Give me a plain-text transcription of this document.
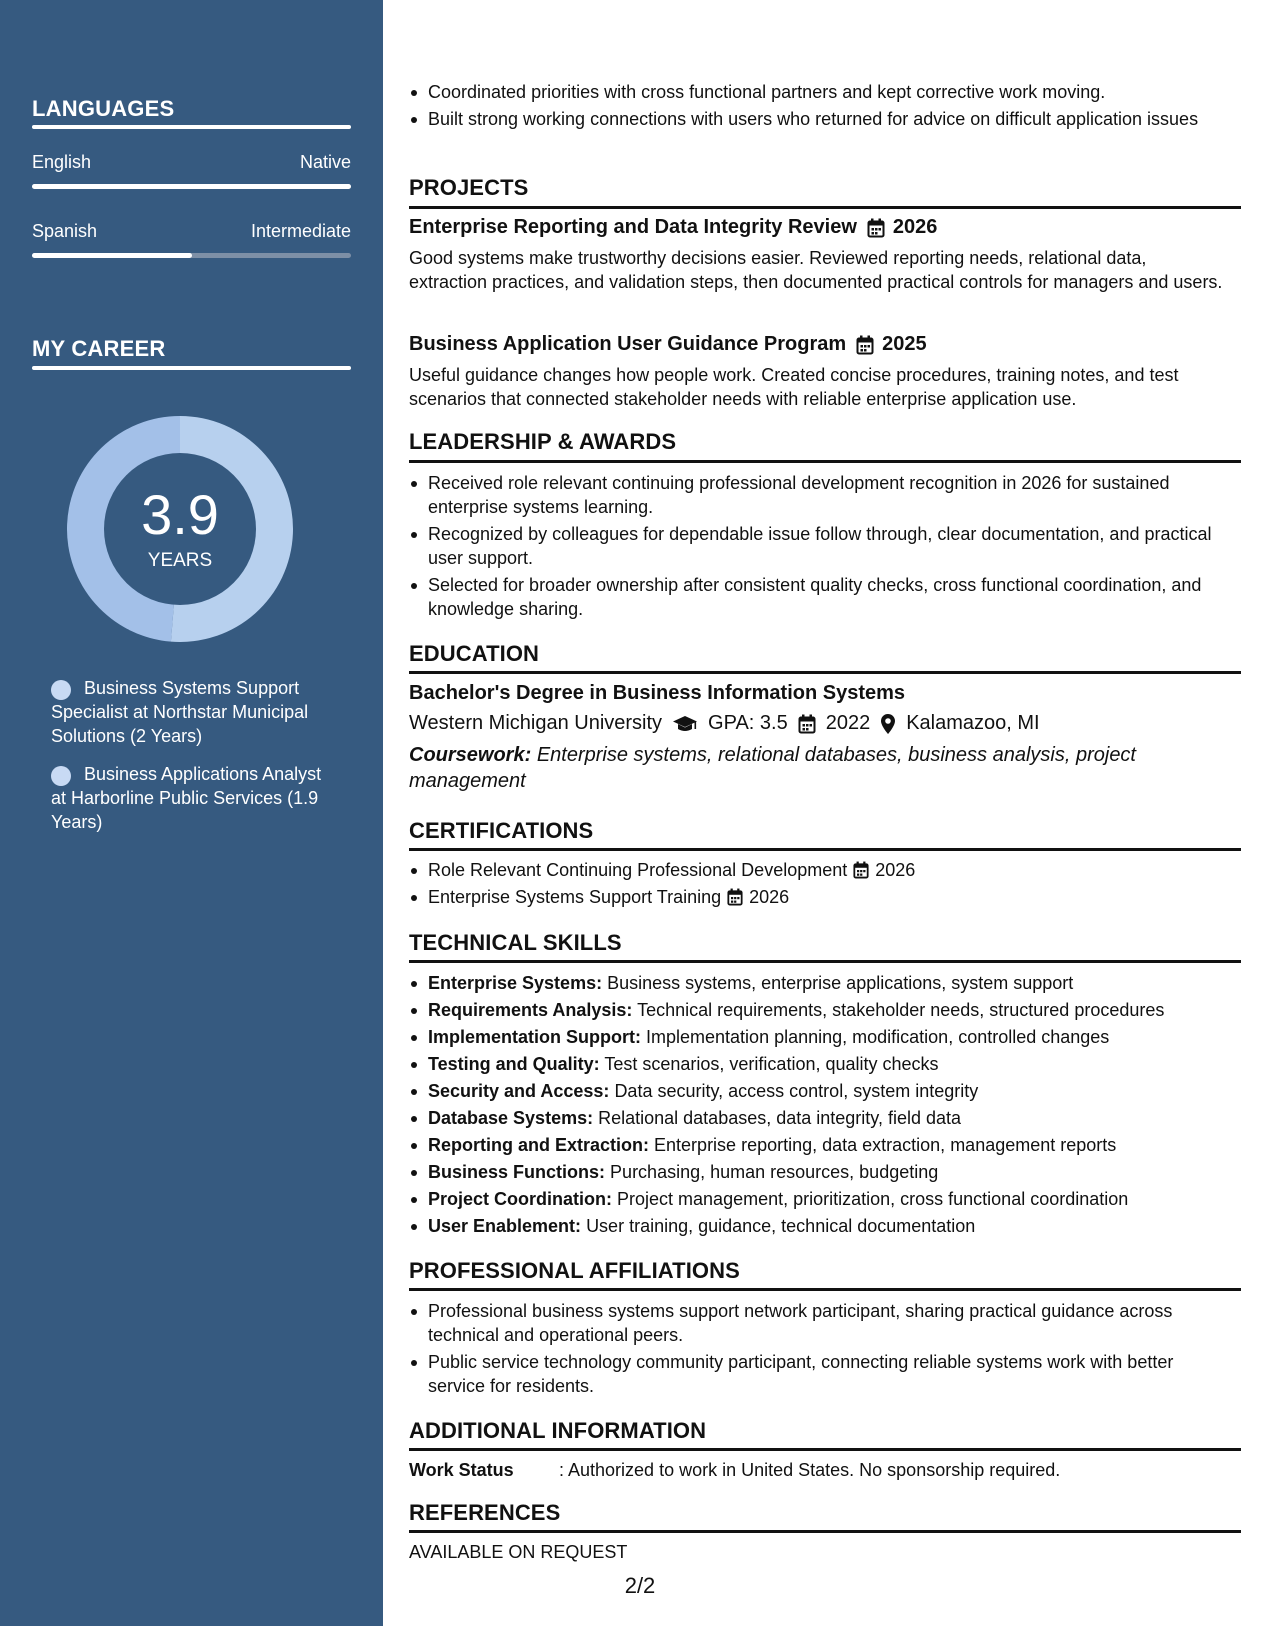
LANGUAGES
English	Native
Spanish	Intermediate
MY CAREER
3.9
YEARS
Business Systems Support Specialist at Northstar Municipal Solutions (2 Years)
Business Applications Analyst at Harborline Public Services (1.9 Years)
Coordinated priorities with cross functional partners and kept corrective work moving.
Built strong working connections with users who returned for advice on difficult application issues
PROJECTS
Enterprise Reporting and Data Integrity Review 2026
Good systems make trustworthy decisions easier. Reviewed reporting needs, relational data, extraction practices, and validation steps, then documented practical controls for managers and users.
Business Application User Guidance Program 2025
Useful guidance changes how people work. Created concise procedures, training notes, and test scenarios that connected stakeholder needs with reliable enterprise application use.
LEADERSHIP & AWARDS
Received role relevant continuing professional development recognition in 2026 for sustained enterprise systems learning.
Recognized by colleagues for dependable issue follow through, clear documentation, and practical user support.
Selected for broader ownership after consistent quality checks, cross functional coordination, and knowledge sharing.
EDUCATION
Bachelor's Degree in Business Information Systems
Western Michigan University GPA: 3.5 2022 Kalamazoo, MI
Coursework: Enterprise systems, relational databases, business analysis, project management
CERTIFICATIONS
Role Relevant Continuing Professional Development 2026
Enterprise Systems Support Training 2026
TECHNICAL SKILLS
Enterprise Systems: Business systems, enterprise applications, system support
Requirements Analysis: Technical requirements, stakeholder needs, structured procedures
Implementation Support: Implementation planning, modification, controlled changes
Testing and Quality: Test scenarios, verification, quality checks
Security and Access: Data security, access control, system integrity
Database Systems: Relational databases, data integrity, field data
Reporting and Extraction: Enterprise reporting, data extraction, management reports
Business Functions: Purchasing, human resources, budgeting
Project Coordination: Project management, prioritization, cross functional coordination
User Enablement: User training, guidance, technical documentation
PROFESSIONAL AFFILIATIONS
Professional business systems support network participant, sharing practical guidance across technical and operational peers.
Public service technology community participant, connecting reliable systems work with better service for residents.
ADDITIONAL INFORMATION
Work Status	: Authorized to work in United States. No sponsorship required.
REFERENCES
AVAILABLE ON REQUEST
2/2
